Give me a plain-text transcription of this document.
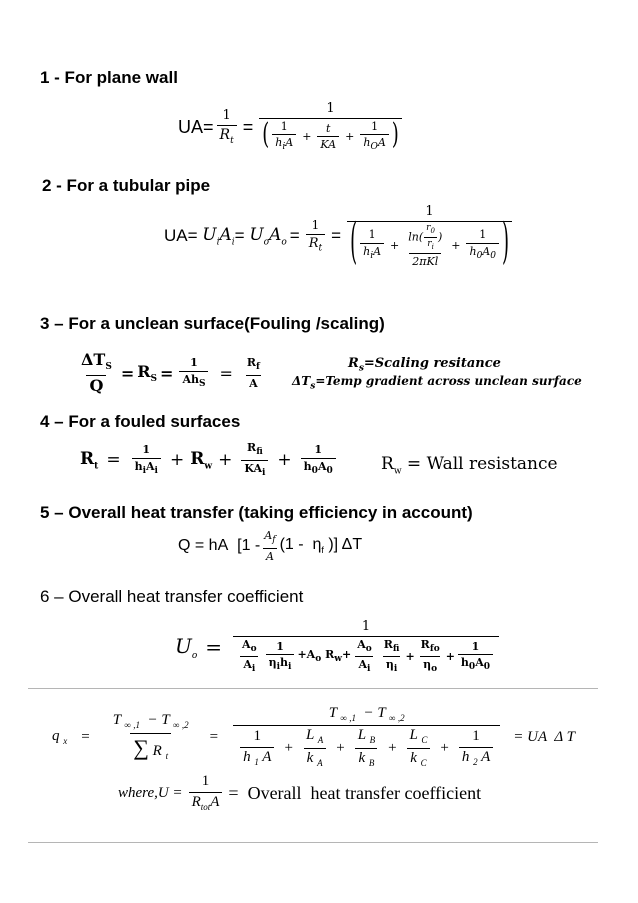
1 - For plane wall
$UA= \frac{1}{R_t}$ =
1
( $\frac{1}{h_iA} + \frac{t}{KA} + \frac{1}{h_OA}$ )
2 - For a tubular pipe
$UA= U_iA_i = U_oA_o = \frac{1}{R_t}$ =
1
( $\frac{1}{h_iA} + \frac{\ln( \frac{r_0}{r_i} )}{\text{2πKl}} + \frac{1}{h_0A_0}$ )
3 – For a unclean surface(Fouling /scaling)
$\frac{\Delta T_S}{Q} = R_S = \frac{1}{Ah_S} = \frac{R_f}{A}$	$R_s=Scaling$ resitance
$\Delta T_s=Temp$ gradient across unclean surface
4 – For a fouled surfaces
$R_t = \frac{1}{h_iA_i} + R_w + \frac{R_{fi}}{KA_i} + \frac{1}{h_0A_0}$	$R_w$ = Wall resistance
5 – Overall heat transfer (taking efficiency in account)
Q = hA  [$1 - \frac{A_f}{A} (1 - \eta_f$ )] ΔT
6 – Overall heat transfer coefficient
$U_o$ =
1
$\frac{A_o}{A_i} \frac{1}{\eta_ih_i} +A_o$ $R_w+ \frac{A_o}{A_i} \frac{R_{fi}}{\eta_i} + \frac{R_{fo}}{\eta_o} + \frac{1}{h_0A_0}$
q $_x = \frac{T _{\infty ,1} - T _{\infty ,2}}{\sum R _t}$ =
T $_{\infty ,1}$  − T $_{\infty ,2}$
$\frac{1}{h _1 A} + \frac{L _A}{k _A} + \frac{L _B}{k _B} + \frac{L _C}{k _C} + \frac{1}{h _2 A}$ = UA  Δ T
where,U = $\frac{1}{R_{tot}A}$ =  Overall  heat transfer coefficient
